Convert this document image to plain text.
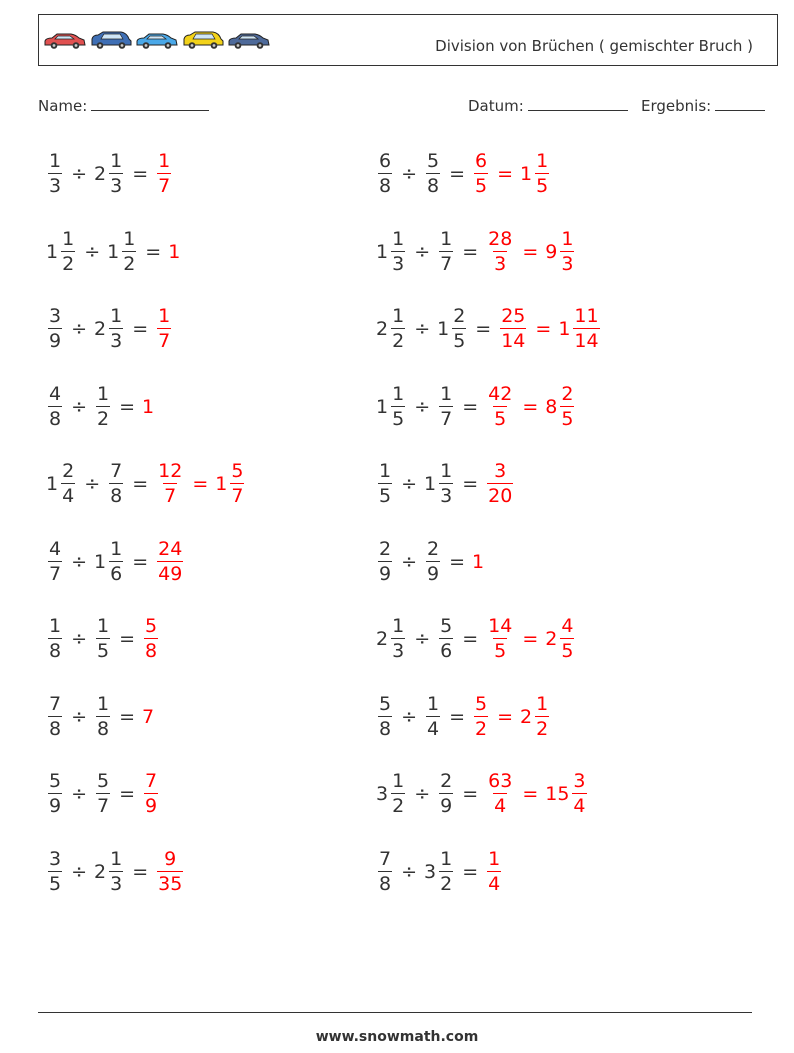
Division von Brüchen ( gemischter Bruch )
Name:	Datum:	Ergebnis:
$\frac{1}{3} \div 2 \frac{1}{3} = \frac{1}{7}$	$\frac{6}{8} \div \frac{5}{8} = \frac{6}{5} = 1 \frac{1}{5}$
$1 \frac{1}{2} \div 1 \frac{1}{2} = 1$	$1 \frac{1}{3} \div \frac{1}{7} = \frac{28}{3} = 9 \frac{1}{3}$
$\frac{3}{9} \div 2 \frac{1}{3} = \frac{1}{7}$	$2 \frac{1}{2} \div 1 \frac{2}{5} = \frac{25}{14} = 1 \frac{11}{14}$
$\frac{4}{8} \div \frac{1}{2} = 1$	$1 \frac{1}{5} \div \frac{1}{7} = \frac{42}{5} = 8 \frac{2}{5}$
$1 \frac{2}{4} \div \frac{7}{8} = \frac{12}{7} = 1 \frac{5}{7}$	$\frac{1}{5} \div 1 \frac{1}{3} = \frac{3}{20}$
$\frac{4}{7} \div 1 \frac{1}{6} = \frac{24}{49}$	$\frac{2}{9} \div \frac{2}{9} = 1$
$\frac{1}{8} \div \frac{1}{5} = \frac{5}{8}$	$2 \frac{1}{3} \div \frac{5}{6} = \frac{14}{5} = 2 \frac{4}{5}$
$\frac{7}{8} \div \frac{1}{8} = 7$	$\frac{5}{8} \div \frac{1}{4} = \frac{5}{2} = 2 \frac{1}{2}$
$\frac{5}{9} \div \frac{5}{7} = \frac{7}{9}$	$3 \frac{1}{2} \div \frac{2}{9} = \frac{63}{4} = 15 \frac{3}{4}$
$\frac{3}{5} \div 2 \frac{1}{3} = \frac{9}{35}$	$\frac{7}{8} \div 3 \frac{1}{2} = \frac{1}{4}$
www.snowmath.com
